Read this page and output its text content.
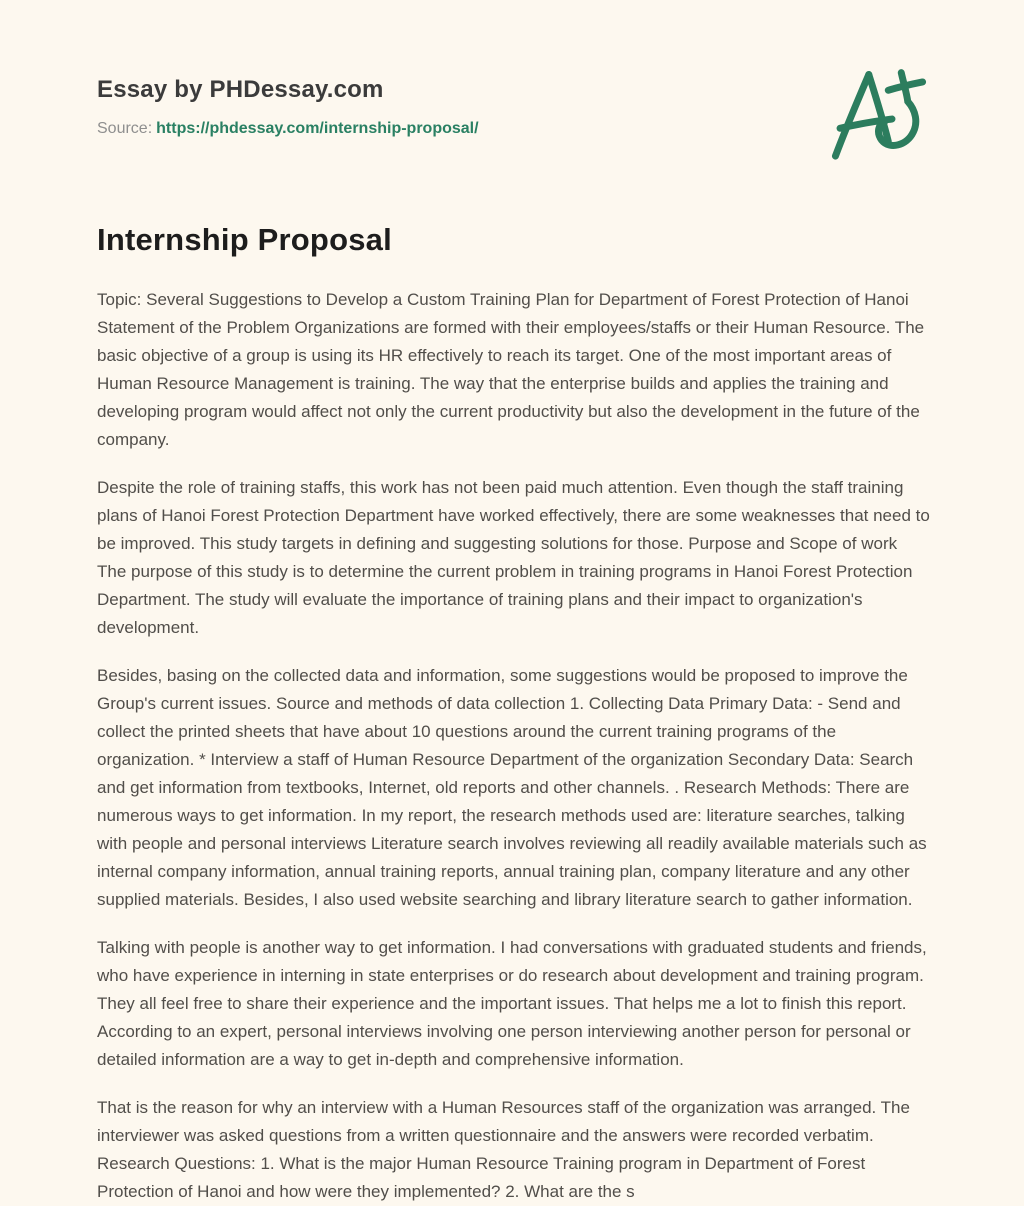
Essay by PHDessay.com

Source: https://phdessay.com/internship-proposal/

Internship Proposal

Topic: Several Suggestions to Develop a Custom Training Plan for Department of Forest Protection of Hanoi Statement of the Problem Organizations are formed with their employees/staffs or their Human Resource. The basic objective of a group is using its HR effectively to reach its target. One of the most important areas of Human Resource Management is training. The way that the enterprise builds and applies the training and developing program would affect not only the current productivity but also the development in the future of the company.

Despite the role of training staffs, this work has not been paid much attention. Even though the staff training plans of Hanoi Forest Protection Department have worked effectively, there are some weaknesses that need to be improved. This study targets in defining and suggesting solutions for those. Purpose and Scope of work The purpose of this study is to determine the current problem in training programs in Hanoi Forest Protection Department. The study will evaluate the importance of training plans and their impact to organization's development.

Besides, basing on the collected data and information, some suggestions would be proposed to improve the Group's current issues. Source and methods of data collection 1. Collecting Data Primary Data: - Send and collect the printed sheets that have about 10 questions around the current training programs of the organization. * Interview a staff of Human Resource Department of the organization Secondary Data: Search and get information from textbooks, Internet, old reports and other channels. . Research Methods: There are numerous ways to get information. In my report, the research methods used are: literature searches, talking with people and personal interviews Literature search involves reviewing all readily available materials such as internal company information, annual training reports, annual training plan, company literature and any other supplied materials. Besides, I also used website searching and library literature search to gather information.

Talking with people is another way to get information. I had conversations with graduated students and friends, who have experience in interning in state enterprises or do research about development and training program. They all feel free to share their experience and the important issues. That helps me a lot to finish this report. According to an expert, personal interviews involving one person interviewing another person for personal or detailed information are a way to get in-depth and comprehensive information.

That is the reason for why an interview with a Human Resources staff of the organization was arranged. The interviewer was asked questions from a written questionnaire and the answers were recorded verbatim. Research Questions: 1. What is the major Human Resource Training program in Department of Forest Protection of Hanoi and how were they implemented? 2. What are the s
